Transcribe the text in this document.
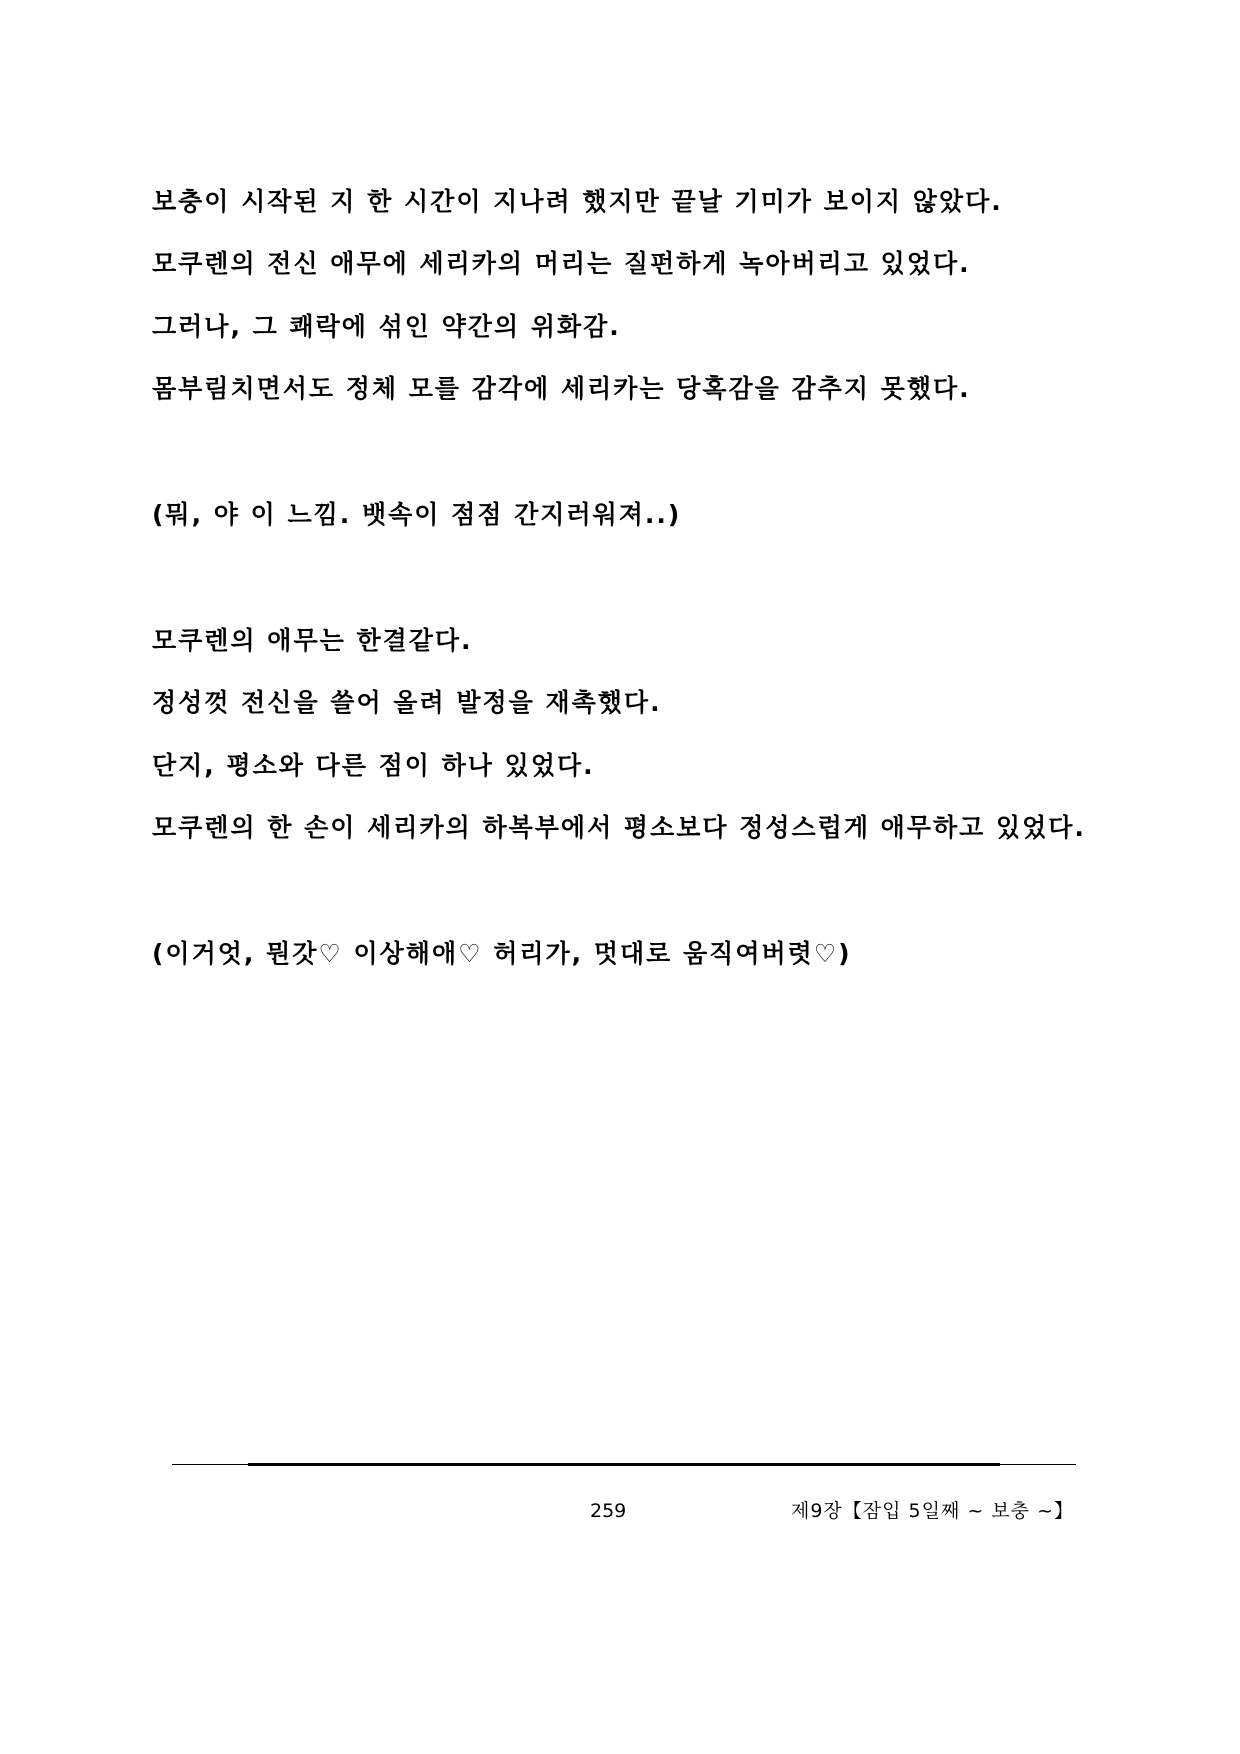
보충이 시작된 지 한 시간이 지나려 했지만 끝날 기미가 보이지 않았다.
모쿠렌의 전신 애무에 세리카의 머리는 질펀하게 녹아버리고 있었다.
그러나, 그 쾌락에 섞인 약간의 위화감.
몸부림치면서도 정체 모를 감각에 세리카는 당혹감을 감추지 못했다.
(뭐, 야 이 느낌. 뱃속이 점점 간지러워져..)
모쿠렌의 애무는 한결같다.
정성껏 전신을 쓸어 올려 발정을 재촉했다.
단지, 평소와 다른 점이 하나 있었다.
모쿠렌의 한 손이 세리카의 하복부에서 평소보다 정성스럽게 애무하고 있었다.
(이거엇, 뭔갓♡ 이상해애♡ 허리가, 멋대로 움직여버렷♡)
259	제9장【잠입 5일째 ~ 보충 ~】
